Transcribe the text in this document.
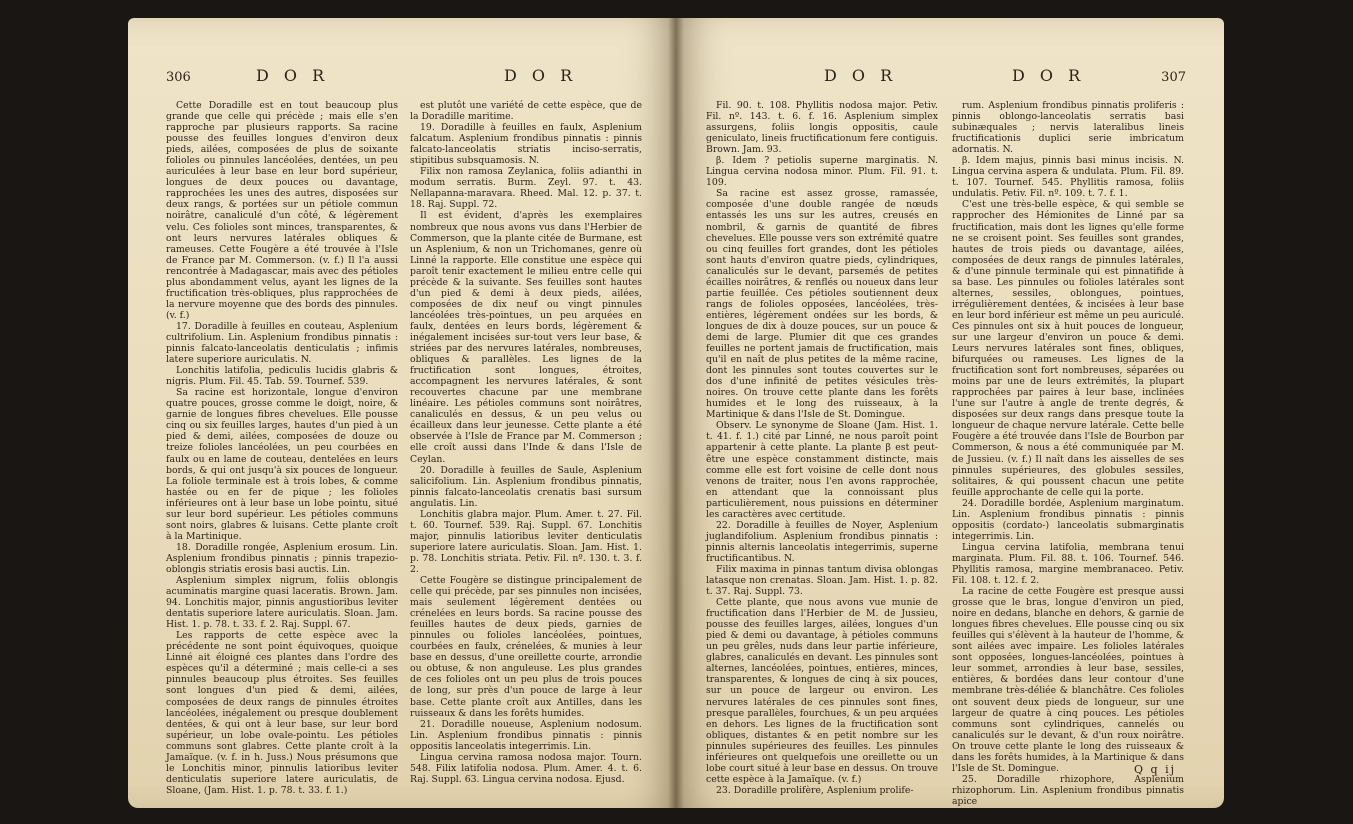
306	D O R	D O R

Cette Doradille est en tout beaucoup plus grande que celle qui précède ; mais elle s'en rapproche par plusieurs rapports. Sa racine pousse des feuilles longues d'environ deux pieds, ailées, composées de plus de soixante folioles ou pinnules lancéolées, dentées, un peu auriculées à leur base en leur bord supérieur, longues de deux pouces ou davantage, rapprochées les unes des autres, disposées sur deux rangs, & portées sur un pétiole commun noirâtre, canaliculé d'un côté, & légèrement velu. Ces folioles sont minces, transparentes, & ont leurs nervures latérales obliques & rameuses. Cette Fougère a été trouvée à l'Isle de France par M. Commerson. (v. f.) Il l'a aussi rencontrée à Madagascar, mais avec des pétioles plus abondamment velus, ayant les lignes de la fructification très-obliques, plus rapprochées de la nervure moyenne que des bords des pinnules. (v. f.)

17. Doradille à feuilles en couteau, Asplenium cultrifolium. Lin. Asplenium frondibus pinnatis : pinnis falcato-lanceolatis denticulatis ; infimis latere superiore auriculatis. N.

Lonchitis latifolia, pediculis lucidis glabris & nigris. Plum. Fil. 45. Tab. 59. Tournef. 539.

Sa racine est horizontale, longue d'environ quatre pouces, grosse comme le doigt, noire, & garnie de longues fibres chevelues. Elle pousse cinq ou six feuilles larges, hautes d'un pied à un pied & demi, ailées, composées de douze ou treize folioles lancéolées, un peu courbées en faulx ou en lame de couteau, dentelées en leurs bords, & qui ont jusqu'à six pouces de longueur. La foliole terminale est à trois lobes, & comme hastée ou en fer de pique ; les folioles inférieures ont à leur base un lobe pointu, situé sur leur bord supérieur. Les pétioles communs sont noirs, glabres & luisans. Cette plante croît à la Martinique.

18. Doradille rongée, Asplenium erosum. Lin. Asplenium frondibus pinnatis ; pinnis trapezio-oblongis striatis erosis basi auctis. Lin.

Asplenium simplex nigrum, foliis oblongis acuminatis margine quasi laceratis. Brown. Jam. 94. Lonchitis major, pinnis angustioribus leviter dentatis superiore latere auriculatis. Sloan. Jam. Hist. 1. p. 78. t. 33. f. 2. Raj. Suppl. 67.

Les rapports de cette espèce avec la précédente ne sont point équivoques, quoique Linné ait éloigné ces plantes dans l'ordre des espèces qu'il a déterminé ; mais celle-ci a ses pinnules beaucoup plus étroites. Ses feuilles sont longues d'un pied & demi, ailées, composées de deux rangs de pinnules étroites lancéolées, inégalement ou presque doublement dentées, & qui ont à leur base, sur leur bord supérieur, un lobe ovale-pointu. Les pétioles communs sont glabres. Cette plante croît à la Jamaïque. (v. f. in h. Juss.) Nous présumons que le Lonchitis minor, pinnulis latioribus leviter denticulatis superiore latere auriculatis, de Sloane, (Jam. Hist. 1. p. 78. t. 33. f. 1.)

est plutôt une variété de cette espèce, que de la Doradille maritime.

19. Doradille à feuilles en faulx, Asplenium falcatum. Asplenium frondibus pinnatis : pinnis falcato-lanceolatis striatis inciso-serratis, stipitibus subsquamosis. N.

Filix non ramosa Zeylanica, foliis adianthi in modum serratis. Burm. Zeyl. 97. t. 43. Nellapanna-maravara. Rheed. Mal. 12. p. 37. t. 18. Raj. Suppl. 72.

Il est évident, d'après les exemplaires nombreux que nous avons vus dans l'Herbier de Commerson, que la plante citée de Burmane, est un Asplenium, & non un Trichomanes, genre où Linné la rapporte. Elle constitue une espèce qui paroît tenir exactement le milieu entre celle qui précède & la suivante. Ses feuilles sont hautes d'un pied & demi à deux pieds, ailées, composées de dix neuf ou vingt pinnules lancéolées très-pointues, un peu arquées en faulx, dentées en leurs bords, légèrement & inégalement incisées sur-tout vers leur base, & striées par des nervures latérales, nombreuses, obliques & parallèles. Les lignes de la fructification sont longues, étroites, accompagnent les nervures latérales, & sont recouvertes chacune par une membrane linéaire. Les pétioles communs sont noirâtres, canaliculés en dessus, & un peu velus ou écailleux dans leur jeunesse. Cette plante a été observée à l'Isle de France par M. Commerson ; elle croît aussi dans l'Inde & dans l'Isle de Ceylan.

20. Doradille à feuilles de Saule, Asplenium salicifolium. Lin. Asplenium frondibus pinnatis, pinnis falcato-lanceolatis crenatis basi sursum angulatis. Lin.

Lonchitis glabra major. Plum. Amer. t. 27. Fil. t. 60. Tournef. 539. Raj. Suppl. 67. Lonchitis major, pinnulis latioribus leviter denticulatis superiore latere auriculatis. Sloan. Jam. Hist. 1. p. 78. Lonchitis striata. Petiv. Fil. nº. 130. t. 3. f. 2.

Cette Fougère se distingue principalement de celle qui précède, par ses pinnules non incisées, mais seulement légèrement dentées ou crénelées en leurs bords. Sa racine pousse des feuilles hautes de deux pieds, garnies de pinnules ou folioles lancéolées, pointues, courbées en faulx, crénelées, & munies à leur base en dessus, d'une oreillette courte, arrondie ou obtuse, & non anguleuse. Les plus grandes de ces folioles ont un peu plus de trois pouces de long, sur près d'un pouce de large à leur base. Cette plante croît aux Antilles, dans les ruisseaux & dans les forêts humides.

21. Doradille noueuse, Asplenium nodosum. Lin. Asplenium frondibus pinnatis : pinnis oppositis lanceolatis integerrimis. Lin.

Lingua cervina ramosa nodosa major. Tourn. 548. Filix latifolia nodosa. Plum. Amer. 4. t. 6. Raj. Suppl. 63. Lingua cervina nodosa. Ejusd.

D O R	D O R	307

Fil. 90. t. 108. Phyllitis nodosa major. Petiv. Fil. nº. 143. t. 6. f. 16. Asplenium simplex assurgens, foliis longis oppositis, caule geniculato, lineis fructificationum fere contiguis. Brown. Jam. 93.

β. Idem ? petiolis superne marginatis. N. Lingua cervina nodosa minor. Plum. Fil. 91. t. 109.

Sa racine est assez grosse, ramassée, composée d'une double rangée de nœuds entassés les uns sur les autres, creusés en nombril, & garnis de quantité de fibres chevelues. Elle pousse vers son extrémité quatre ou cinq feuilles fort grandes, dont les pétioles sont hauts d'environ quatre pieds, cylindriques, canaliculés sur le devant, parsemés de petites écailles noirâtres, & renflés ou noueux dans leur partie feuillée. Ces pétioles soutiennent deux rangs de folioles opposées, lancéolées, très-entières, légèrement ondées sur les bords, & longues de dix à douze pouces, sur un pouce & demi de large. Plumier dit que ces grandes feuilles ne portent jamais de fructification, mais qu'il en naît de plus petites de la même racine, dont les pinnules sont toutes couvertes sur le dos d'une infinité de petites vésicules très-noires. On trouve cette plante dans les forêts humides et le long des ruisseaux, à la Martinique & dans l'Isle de St. Domingue.

Observ. Le synonyme de Sloane (Jam. Hist. 1. t. 41. f. 1.) cité par Linné, ne nous paroît point appartenir à cette plante. La plante β est peut-être une espèce constamment distincte, mais comme elle est fort voisine de celle dont nous venons de traiter, nous l'en avons rapprochée, en attendant que la connoissant plus particulièrement, nous puissions en déterminer les caractères avec certitude.

22. Doradille à feuilles de Noyer, Asplenium juglandifolium. Asplenium frondibus pinnatis : pinnis alternis lanceolatis integerrimis, superne fructificantibus. N.

Filix maxima in pinnas tantum divisa oblongas latasque non crenatas. Sloan. Jam. Hist. 1. p. 82. t. 37. Raj. Suppl. 73.

Cette plante, que nous avons vue munie de fructification dans l'Herbier de M. de Jussieu, pousse des feuilles larges, ailées, longues d'un pied & demi ou davantage, à pétioles communs un peu grêles, nuds dans leur partie inférieure, glabres, canaliculés en devant. Les pinnules sont alternes, lancéolées, pointues, entières, minces, transparentes, & longues de cinq à six pouces, sur un pouce de largeur ou environ. Les nervures latérales de ces pinnules sont fines, presque parallèles, fourchues, & un peu arquées en dehors. Les lignes de la fructification sont obliques, distantes & en petit nombre sur les pinnules supérieures des feuilles. Les pinnules inférieures ont quelquefois une oreillette ou un lobe court situé à leur base en dessus. On trouve cette espèce à la Jamaïque. (v. f.)

23. Doradille prolifère, Asplenium prolife-

rum. Asplenium frondibus pinnatis proliferis : pinnis oblongo-lanceolatis serratis basi subinæquales ; nervis lateralibus lineis fructificationis duplici serie imbricatum adornatis. N.

β. Idem majus, pinnis basi minus incisis. N. Lingua cervina aspera & undulata. Plum. Fil. 89. t. 107. Tournef. 545. Phyllitis ramosa, foliis undulatis. Petiv. Fil. nº. 109. t. 7. f. 1.

C'est une très-belle espèce, & qui semble se rapprocher des Hémionites de Linné par sa fructification, mais dont les lignes qu'elle forme ne se croisent point. Ses feuilles sont grandes, hautes de trois pieds ou davantage, ailées, composées de deux rangs de pinnules latérales, & d'une pinnule terminale qui est pinnatifide à sa base. Les pinnules ou folioles latérales sont alternes, sessiles, oblongues, pointues, irrégulièrement dentées, & incisées à leur base en leur bord inférieur est même un peu auriculé. Ces pinnules ont six à huit pouces de longueur, sur une largeur d'environ un pouce & demi. Leurs nervures latérales sont fines, obliques, bifurquées ou rameuses. Les lignes de la fructification sont fort nombreuses, séparées ou moins par une de leurs extrémités, la plupart rapprochées par paires à leur base, inclinées l'une sur l'autre à angle de trente degrés, & disposées sur deux rangs dans presque toute la longueur de chaque nervure latérale. Cette belle Fougère a été trouvée dans l'Isle de Bourbon par Commerson, & nous a été communiquée par M. de Jussieu. (v. f.) Il naît dans les aisselles de ses pinnules supérieures, des globules sessiles, solitaires, & qui poussent chacun une petite feuille approchante de celle qui la porte.

24. Doradille bordée, Asplenium marginatum. Lin. Asplenium frondibus pinnatis : pinnis oppositis (cordato-) lanceolatis submarginatis integerrimis. Lin.

Lingua cervina latifolia, membrana tenui marginata. Plum. Fil. 88. t. 106. Tournef. 546. Phyllitis ramosa, margine membranaceo. Petiv. Fil. 108. t. 12. f. 2.

La racine de cette Fougère est presque aussi grosse que le bras, longue d'environ un pied, noire en dedans, blanche en dehors, & garnie de longues fibres chevelues. Elle pousse cinq ou six feuilles qui s'élèvent à la hauteur de l'homme, & sont ailées avec impaire. Les folioles latérales sont opposées, longues-lancéolées, pointues à leur sommet, arrondies à leur base, sessiles, entières, & bordées dans leur contour d'une membrane très-déliée & blanchâtre. Ces folioles ont souvent deux pieds de longueur, sur une largeur de quatre à cinq pouces. Les pétioles communs sont cylindriques, cannelés ou canaliculés sur le devant, & d'un roux noirâtre. On trouve cette plante le long des ruisseaux & dans les forêts humides, à la Martinique & dans l'Isle de St. Domingue.

25. Doradille rhizophore, Asplenium rhizophorum. Lin. Asplenium frondibus pinnatis apice

Q q ij
